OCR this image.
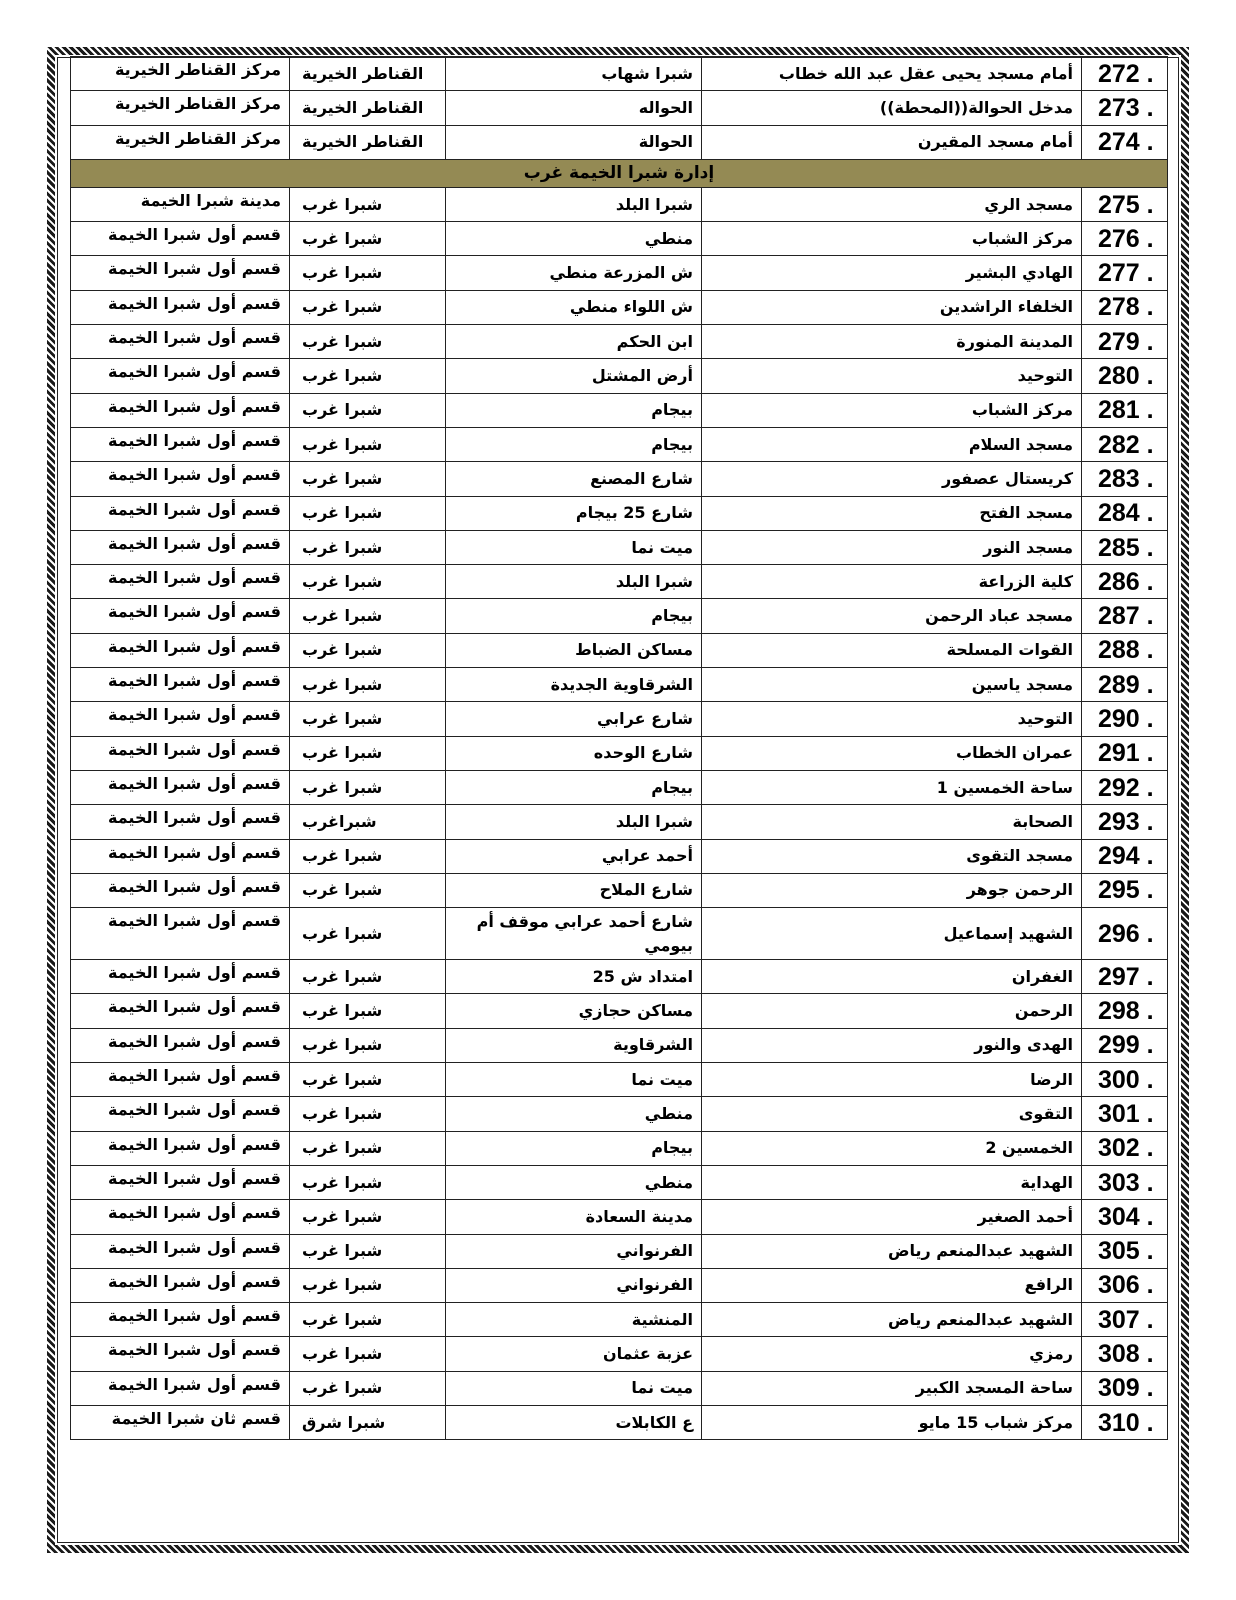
272 .	أمام مسجد يحيى عقل عبد الله خطاب	شبرا شهاب	القناطر الخيرية	مركز القناطر الخيرية
273 .	مدخل الحوالة((المحطة))	الحواله	القناطر الخيرية	مركز القناطر الخيرية
274 .	أمام مسجد المقيرن	الحوالة	القناطر الخيرية	مركز القناطر الخيرية
إدارة شبرا الخيمة غرب				
275 .	مسجد الري	شبرا البلد	شبرا غرب	مدينة شبرا الخيمة
276 .	مركز الشباب	منطي	شبرا غرب	قسم أول شبرا الخيمة
277 .	الهادي البشير	ش المزرعة منطي	شبرا غرب	قسم أول شبرا الخيمة
278 .	الخلفاء الراشدين	ش اللواء منطي	شبرا غرب	قسم أول شبرا الخيمة
279 .	المدينة المنورة	ابن الحكم	شبرا غرب	قسم أول شبرا الخيمة
280 .	التوحيد	أرض المشتل	شبرا غرب	قسم أول شبرا الخيمة
281 .	مركز الشباب	بيجام	شبرا غرب	قسم أول شبرا الخيمة
282 .	مسجد السلام	بيجام	شبرا غرب	قسم أول شبرا الخيمة
283 .	كريستال عصفور	شارع المصنع	شبرا غرب	قسم أول شبرا الخيمة
284 .	مسجد الفتح	شارع 25 بيجام	شبرا غرب	قسم أول شبرا الخيمة
285 .	مسجد النور	ميت نما	شبرا غرب	قسم أول شبرا الخيمة
286 .	كلية الزراعة	شبرا البلد	شبرا غرب	قسم أول شبرا الخيمة
287 .	مسجد عباد الرحمن	بيجام	شبرا غرب	قسم أول شبرا الخيمة
288 .	القوات المسلحة	مساكن الضباط	شبرا غرب	قسم أول شبرا الخيمة
289 .	مسجد ياسين	الشرقاوية الجديدة	شبرا غرب	قسم أول شبرا الخيمة
290 .	التوحيد	شارع عرابي	شبرا غرب	قسم أول شبرا الخيمة
291 .	عمران الخطاب	شارع الوحده	شبرا غرب	قسم أول شبرا الخيمة
292 .	ساحة الخمسين 1	بيجام	شبرا غرب	قسم أول شبرا الخيمة
293 .	الصحابة	شبرا البلد	شبراغرب	قسم أول شبرا الخيمة
294 .	مسجد التقوى	أحمد عرابي	شبرا غرب	قسم أول شبرا الخيمة
295 .	الرحمن جوهر	شارع الملاح	شبرا غرب	قسم أول شبرا الخيمة
296 .	الشهيد إسماعيل	شارع أحمد عرابي موقف أم بيومي	شبرا غرب	قسم أول شبرا الخيمة
297 .	الغفران	امتداد ش 25	شبرا غرب	قسم أول شبرا الخيمة
298 .	الرحمن	مساكن حجازي	شبرا غرب	قسم أول شبرا الخيمة
299 .	الهدى والنور	الشرقاوية	شبرا غرب	قسم أول شبرا الخيمة
300 .	الرضا	ميت نما	شبرا غرب	قسم أول شبرا الخيمة
301 .	التقوى	منطي	شبرا غرب	قسم أول شبرا الخيمة
302 .	الخمسين 2	بيجام	شبرا غرب	قسم أول شبرا الخيمة
303 .	الهداية	منطي	شبرا غرب	قسم أول شبرا الخيمة
304 .	أحمد الصغير	مدينة السعادة	شبرا غرب	قسم أول شبرا الخيمة
305 .	الشهيد عبدالمنعم رياض	الفرنواني	شبرا غرب	قسم أول شبرا الخيمة
306 .	الرافع	الفرنواني	شبرا غرب	قسم أول شبرا الخيمة
307 .	الشهيد عبدالمنعم رياض	المنشية	شبرا غرب	قسم أول شبرا الخيمة
308 .	رمزي	عزبة عثمان	شبرا غرب	قسم أول شبرا الخيمة
309 .	ساحة المسجد الكبير	ميت نما	شبرا غرب	قسم أول شبرا الخيمة
310 .	مركز شباب 15 مايو	ع الكابلات	شبرا شرق	قسم ثان شبرا الخيمة
